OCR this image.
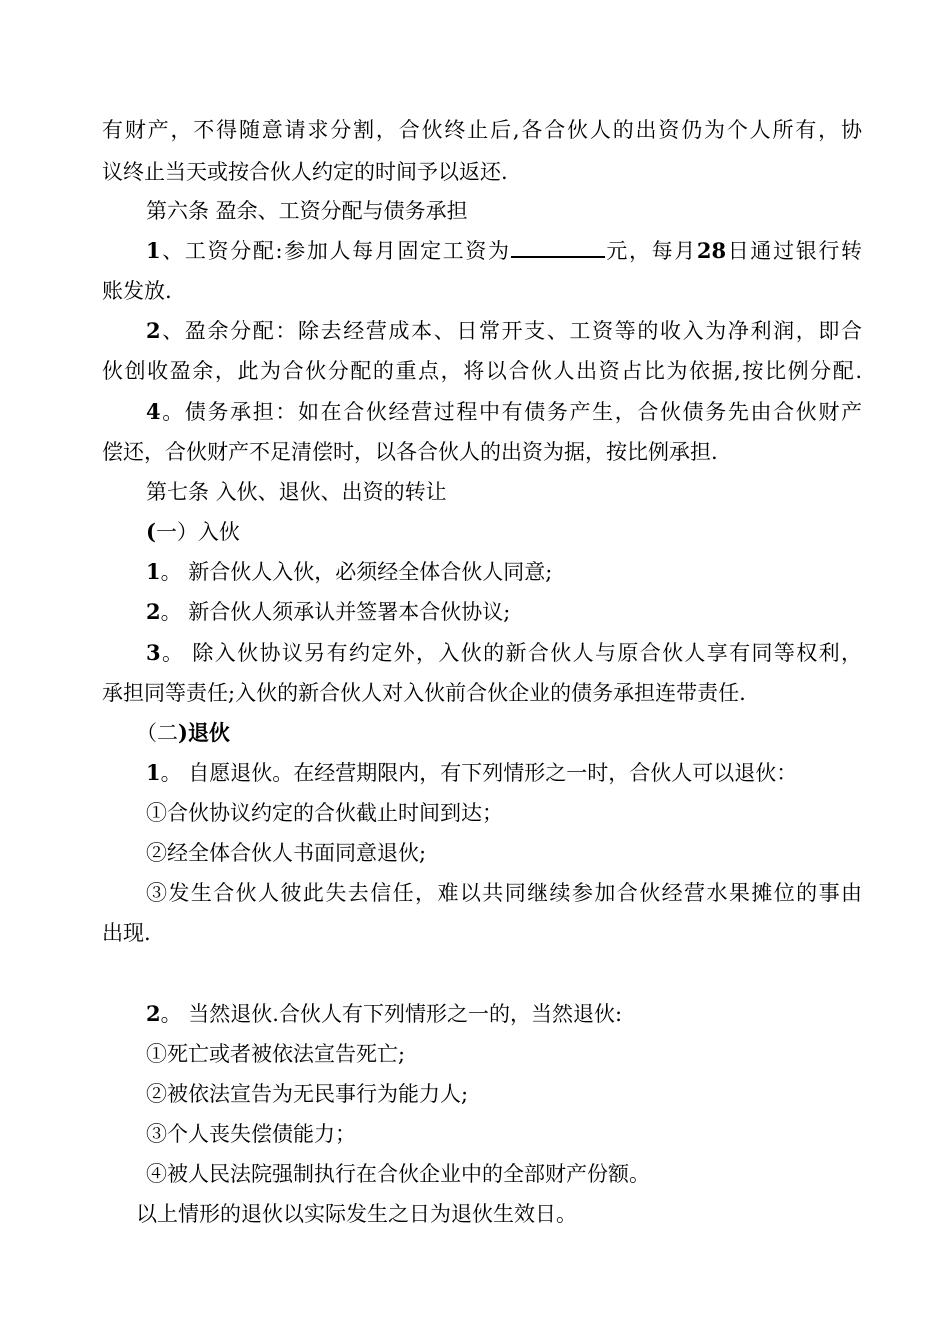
有财产，不得随意请求分割，合伙终止后,各合伙人的出资仍为个人所有，协
议终止当天或按合伙人约定的时间予以返还.
第六条 盈余、工资分配与债务承担
1、工资分配:参加人每月固定工资为	元，每月28日通过银行转
账发放.
2、盈余分配：除去经营成本、日常开支、工资等的收入为净利润，即合
伙创收盈余，此为合伙分配的重点，将以合伙人出资占比为依据,按比例分配.
4。债务承担：如在合伙经营过程中有债务产生，合伙债务先由合伙财产
偿还，合伙财产不足清偿时，以各合伙人的出资为据，按比例承担.
第七条 入伙、退伙、出资的转让
(一）入伙
1。 新合伙人入伙，必须经全体合伙人同意;
2。 新合伙人须承认并签署本合伙协议;
3。 除入伙协议另有约定外，入伙的新合伙人与原合伙人享有同等权利，
承担同等责任;入伙的新合伙人对入伙前合伙企业的债务承担连带责任.
（二)退伙
1。 自愿退伙。在经营期限内，有下列情形之一时，合伙人可以退伙：
①合伙协议约定的合伙截止时间到达；
②经全体合伙人书面同意退伙;
③发生合伙人彼此失去信任，难以共同继续参加合伙经营水果摊位的事由
出现.
2。 当然退伙.合伙人有下列情形之一的，当然退伙:
①死亡或者被依法宣告死亡;
②被依法宣告为无民事行为能力人;
③个人丧失偿债能力；
④被人民法院强制执行在合伙企业中的全部财产份额。
以上情形的退伙以实际发生之日为退伙生效日。
